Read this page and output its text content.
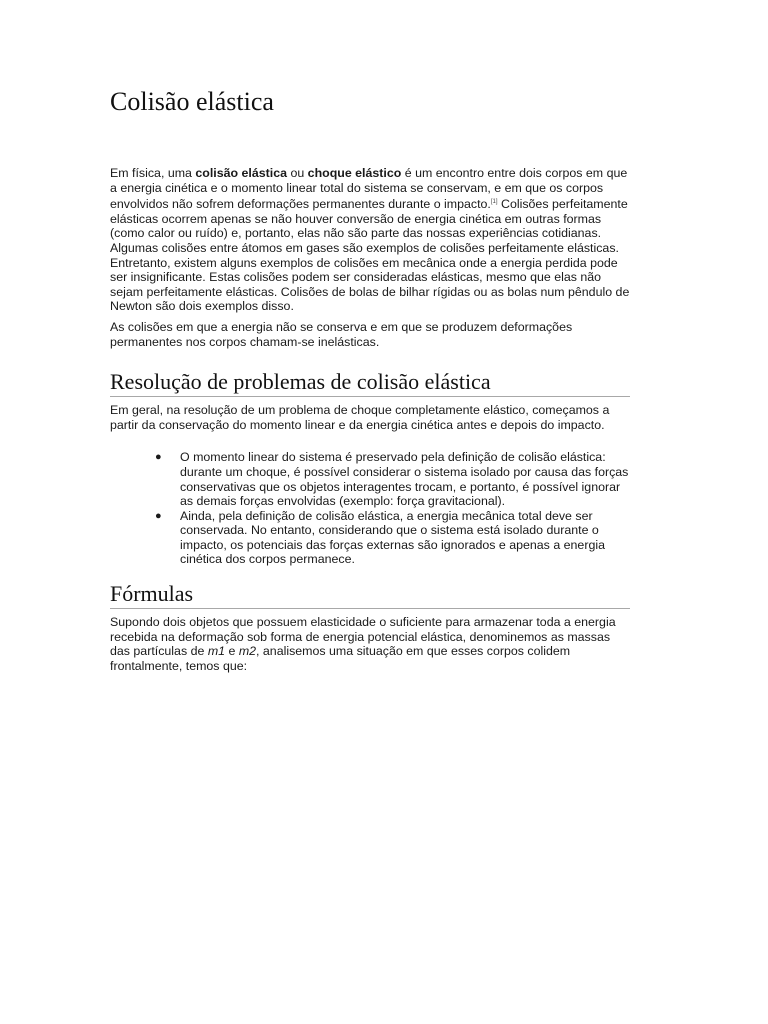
Colisão elástica

Em física, uma colisão elástica ou choque elástico é um encontro entre dois corpos em que a energia cinética e o momento linear total do sistema se conservam, e em que os corpos envolvidos não sofrem deformações permanentes durante o impacto.[1] Colisões perfeitamente elásticas ocorrem apenas se não houver conversão de energia cinética em outras formas (como calor ou ruído) e, portanto, elas não são parte das nossas experiências cotidianas. Algumas colisões entre átomos em gases são exemplos de colisões perfeitamente elásticas. Entretanto, existem alguns exemplos de colisões em mecânica onde a energia perdida pode ser insignificante. Estas colisões podem ser consideradas elásticas, mesmo que elas não sejam perfeitamente elásticas. Colisões de bolas de bilhar rígidas ou as bolas num pêndulo de Newton são dois exemplos disso.

As colisões em que a energia não se conserva e em que se produzem deformações permanentes nos corpos chamam-se inelásticas.

Resolução de problemas de colisão elástica

Em geral, na resolução de um problema de choque completamente elástico, começamos a partir da conservação do momento linear e da energia cinética antes e depois do impacto.

● O momento linear do sistema é preservado pela definição de colisão elástica: durante um choque, é possível considerar o sistema isolado por causa das forças conservativas que os objetos interagentes trocam, e portanto, é possível ignorar as demais forças envolvidas (exemplo: força gravitacional).
● Ainda, pela definição de colisão elástica, a energia mecânica total deve ser conservada. No entanto, considerando que o sistema está isolado durante o impacto, os potenciais das forças externas são ignorados e apenas a energia cinética dos corpos permanece.
Fórmulas

Supondo dois objetos que possuem elasticidade o suficiente para armazenar toda a energia recebida na deformação sob forma de energia potencial elástica, denominemos as massas das partículas de m1 e m2, analisemos uma situação em que esses corpos colidem frontalmente, temos que:
